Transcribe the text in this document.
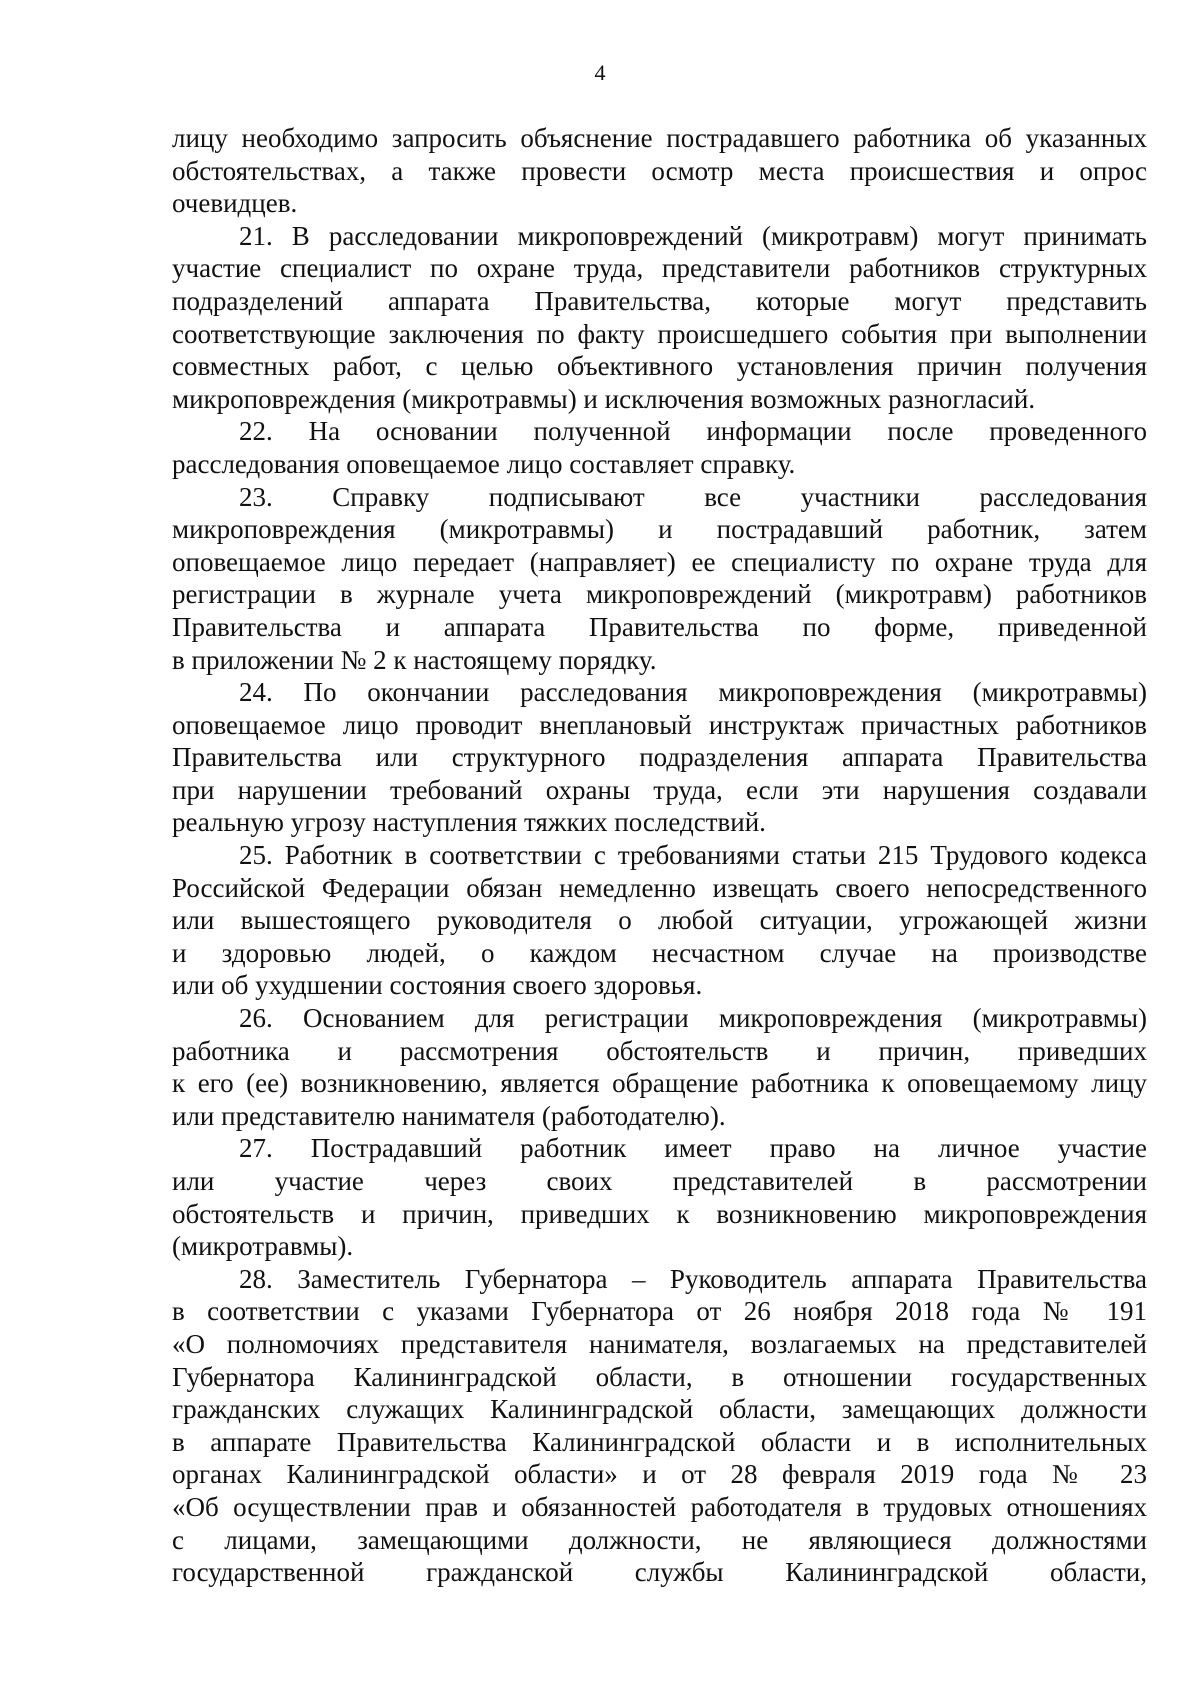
4
лицу необходимо запросить объяснение пострадавшего работника об указанных
обстоятельствах, а также провести осмотр места происшествия и опрос
очевидцев.
21. В расследовании микроповреждений (микротравм) могут принимать
участие специалист по охране труда, представители работников структурных
подразделений аппарата Правительства, которые могут представить
соответствующие заключения по факту происшедшего события при выполнении
совместных работ, с целью объективного установления причин получения
микроповреждения (микротравмы) и исключения возможных разногласий.
22. На основании полученной информации после проведенного
расследования оповещаемое лицо составляет справку.
23. Справку подписывают все участники расследования
микроповреждения (микротравмы) и пострадавший работник, затем
оповещаемое лицо передает (направляет) ее специалисту по охране труда для
регистрации в журнале учета микроповреждений (микротравм) работников
Правительства и аппарата Правительства по форме, приведенной
в приложении № 2 к настоящему порядку.
24. По окончании расследования микроповреждения (микротравмы)
оповещаемое лицо проводит внеплановый инструктаж причастных работников
Правительства или структурного подразделения аппарата Правительства
при нарушении требований охраны труда, если эти нарушения создавали
реальную угрозу наступления тяжких последствий.
25. Работник в соответствии с требованиями статьи 215 Трудового кодекса
Российской Федерации обязан немедленно извещать своего непосредственного
или вышестоящего руководителя о любой ситуации, угрожающей жизни
и здоровью людей, о каждом несчастном случае на производстве
или об ухудшении состояния своего здоровья.
26. Основанием для регистрации микроповреждения (микротравмы)
работника и рассмотрения обстоятельств и причин, приведших
к его (ее) возникновению, является обращение работника к оповещаемому лицу
или представителю нанимателя (работодателю).
27. Пострадавший работник имеет право на личное участие
или участие через своих представителей в рассмотрении
обстоятельств и причин, приведших к возникновению микроповреждения
(микротравмы).
28. Заместитель Губернатора – Руководитель аппарата Правительства
в соответствии с указами Губернатора от 26 ноября 2018 года № 191
«О полномочиях представителя нанимателя, возлагаемых на представителей
Губернатора Калининградской области, в отношении государственных
гражданских служащих Калининградской области, замещающих должности
в аппарате Правительства Калининградской области и в исполнительных
органах Калининградской области» и от 28 февраля 2019 года № 23
«Об осуществлении прав и обязанностей работодателя в трудовых отношениях
с лицами, замещающими должности, не являющиеся должностями
государственной гражданской службы Калининградской области,
